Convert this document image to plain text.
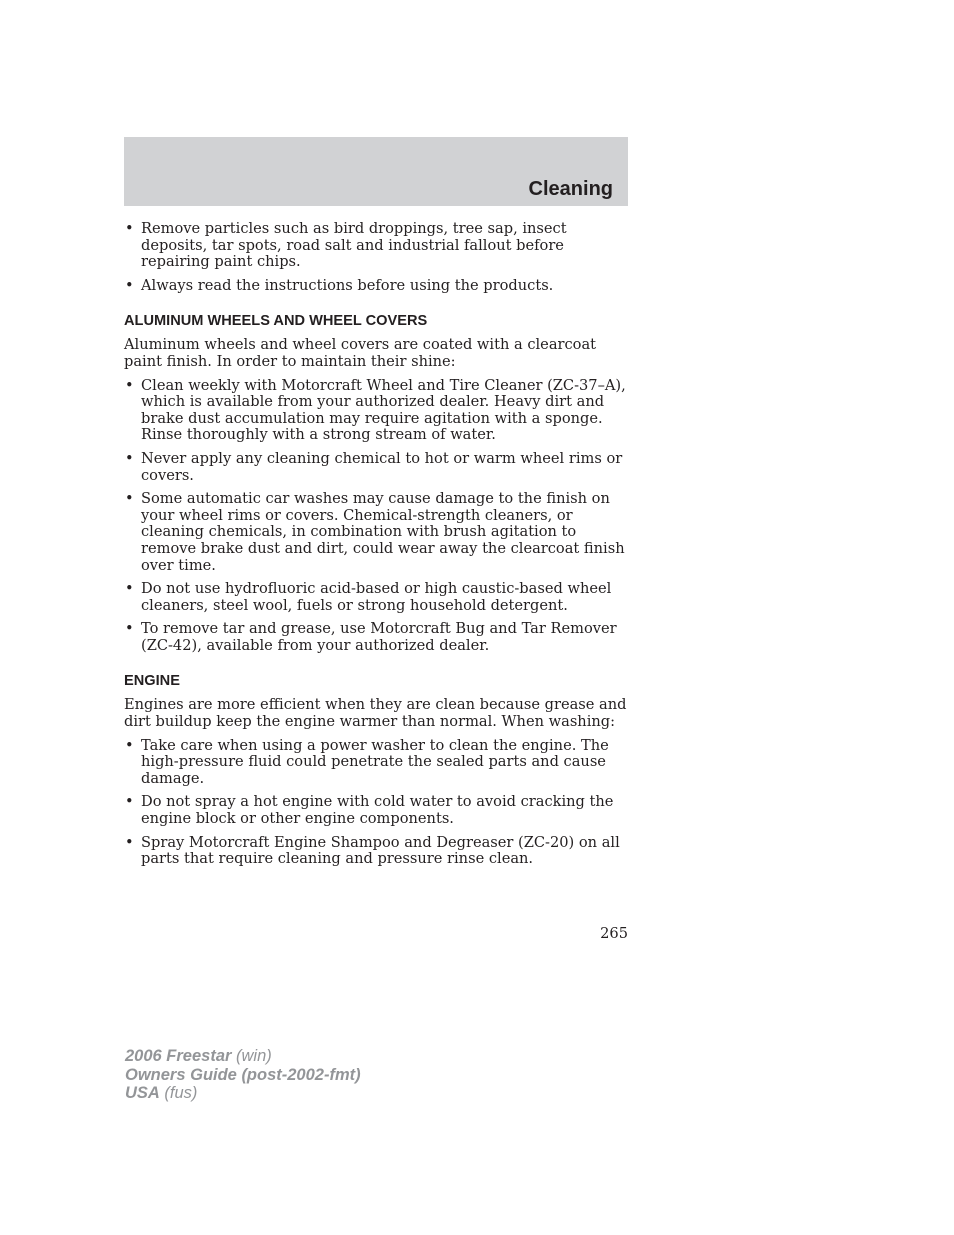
Cleaning
• Remove particles such as bird droppings, tree sap, insect deposits, tar spots, road salt and industrial fallout before repairing paint chips.
• Always read the instructions before using the products.
ALUMINUM WHEELS AND WHEEL COVERS

Aluminum wheels and wheel covers are coated with a clearcoat paint finish. In order to maintain their shine:

• Clean weekly with Motorcraft Wheel and Tire Cleaner (ZC-37–A), which is available from your authorized dealer. Heavy dirt and brake dust accumulation may require agitation with a sponge. Rinse thoroughly with a strong stream of water.
• Never apply any cleaning chemical to hot or warm wheel rims or covers.
• Some automatic car washes may cause damage to the finish on your wheel rims or covers. Chemical-strength cleaners, or cleaning chemicals, in combination with brush agitation to remove brake dust and dirt, could wear away the clearcoat finish over time.
• Do not use hydrofluoric acid-based or high caustic-based wheel cleaners, steel wool, fuels or strong household detergent.
• To remove tar and grease, use Motorcraft Bug and Tar Remover (ZC-42), available from your authorized dealer.
ENGINE

Engines are more efficient when they are clean because grease and dirt buildup keep the engine warmer than normal. When washing:

• Take care when using a power washer to clean the engine. The high-pressure fluid could penetrate the sealed parts and cause damage.
• Do not spray a hot engine with cold water to avoid cracking the engine block or other engine components.
• Spray Motorcraft Engine Shampoo and Degreaser (ZC-20) on all parts that require cleaning and pressure rinse clean.
265
2006 Freestar (win)
Owners Guide (post-2002-fmt)
USA (fus)
